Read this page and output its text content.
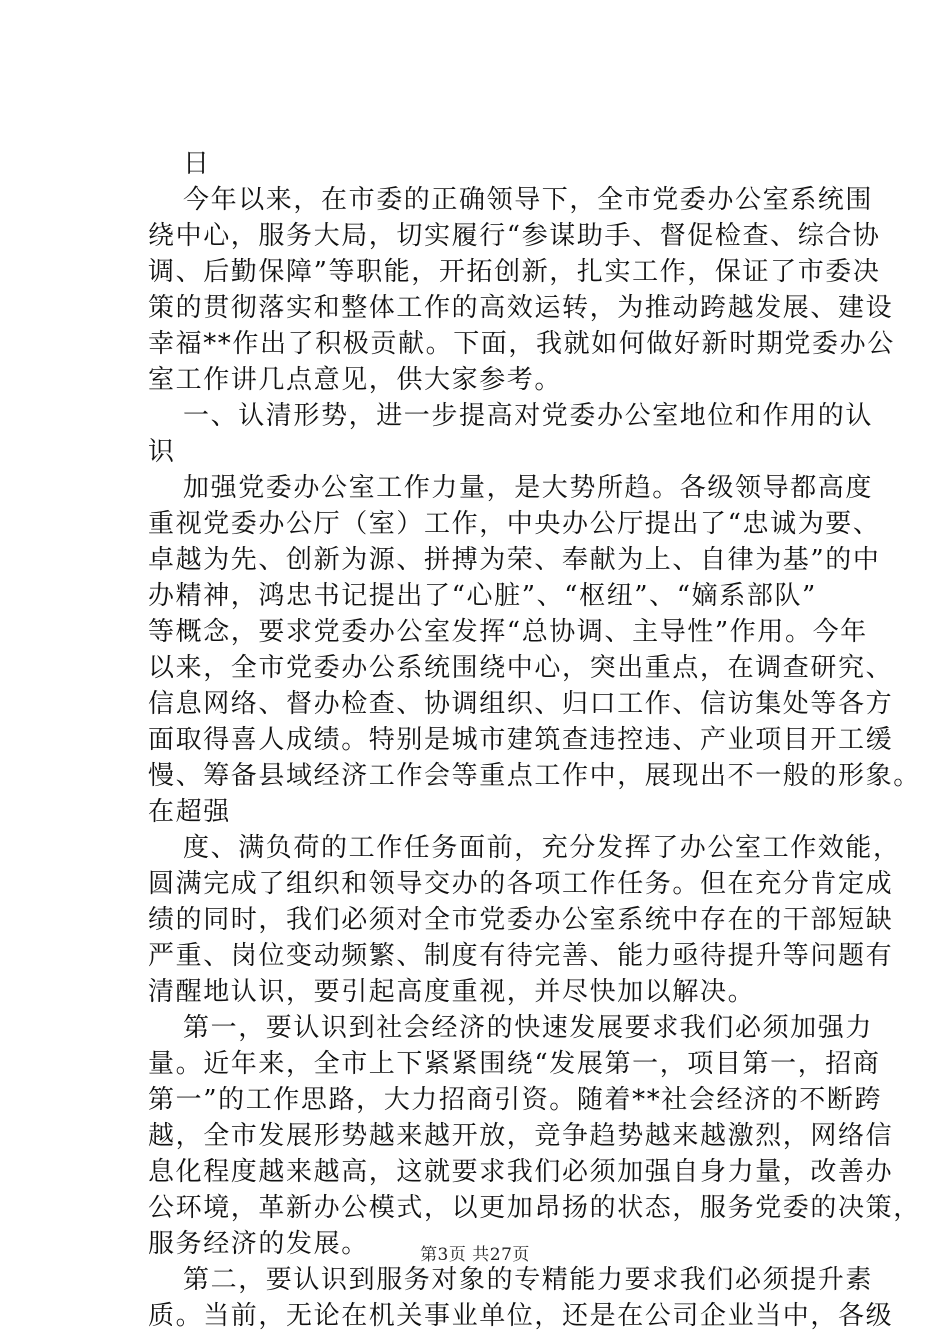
日
今年以来，在市委的正确领导下，全市党委办公室系统围
绕中心，服务大局，切实履行“参谋助手、督促检查、综合协
调、后勤保障”等职能，开拓创新，扎实工作，保证了市委决
策的贯彻落实和整体工作的高效运转，为推动跨越发展、建设
幸福**作出了积极贡献。下面，我就如何做好新时期党委办公
室工作讲几点意见，供大家参考。
一、认清形势，进一步提高对党委办公室地位和作用的认
识
加强党委办公室工作力量，是大势所趋。各级领导都高度
重视党委办公厅（室）工作，中央办公厅提出了“忠诚为要、
卓越为先、创新为源、拼搏为荣、奉献为上、自律为基”的中
办精神，鸿忠书记提出了“心脏”、“枢纽”、“嫡系部队”
等概念，要求党委办公室发挥“总协调、主导性”作用。今年
以来，全市党委办公系统围绕中心，突出重点，在调查研究、
信息网络、督办检查、协调组织、归口工作、信访集处等各方
面取得喜人成绩。特别是城市建筑查违控违、产业项目开工缓
慢、筹备县域经济工作会等重点工作中，展现出不一般的形象。
在超强
度、满负荷的工作任务面前，充分发挥了办公室工作效能，
圆满完成了组织和领导交办的各项工作任务。但在充分肯定成
绩的同时，我们必须对全市党委办公室系统中存在的干部短缺
严重、岗位变动频繁、制度有待完善、能力亟待提升等问题有
清醒地认识，要引起高度重视，并尽快加以解决。
第一，要认识到社会经济的快速发展要求我们必须加强力
量。近年来，全市上下紧紧围绕“发展第一，项目第一，招商
第一”的工作思路，大力招商引资。随着**社会经济的不断跨
越，全市发展形势越来越开放，竞争趋势越来越激烈，网络信
息化程度越来越高，这就要求我们必须加强自身力量，改善办
公环境，革新办公模式，以更加昂扬的状态，服务党委的决策，
服务经济的发展。
第二，要认识到服务对象的专精能力要求我们必须提升素
质。当前，无论在机关事业单位，还是在公司企业当中，各级
第3页 共27页
